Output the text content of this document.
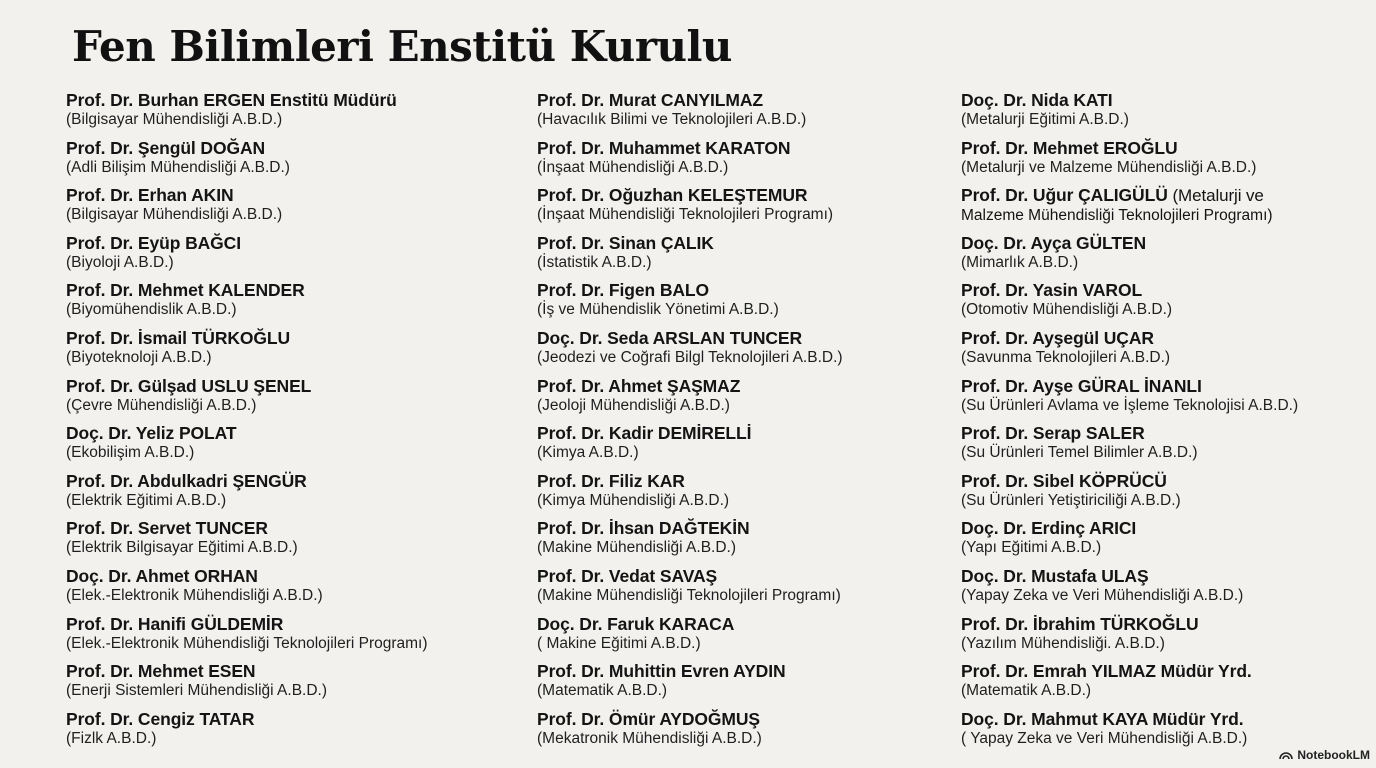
Fen Bilimleri Enstitü Kurulu
Prof. Dr. Burhan ERGEN Enstitü Müdürü
(Bilgisayar Mühendisliği A.B.D.)
Prof. Dr. Şengül DOĞAN
(Adli Bilişim Mühendisliği A.B.D.)
Prof. Dr. Erhan AKIN
(Bilgisayar Mühendisliği A.B.D.)
Prof. Dr. Eyüp BAĞCI
(Biyoloji A.B.D.)
Prof. Dr. Mehmet KALENDER
(Biyomühendislik A.B.D.)
Prof. Dr. İsmail TÜRKOĞLU
(Biyoteknoloji A.B.D.)
Prof. Dr. Gülşad USLU ŞENEL
(Çevre Mühendisliği A.B.D.)
Doç. Dr. Yeliz POLAT
(Ekobilişim A.B.D.)
Prof. Dr. Abdulkadri ŞENGÜR
(Elektrik Eğitimi A.B.D.)
Prof. Dr. Servet TUNCER
(Elektrik Bilgisayar Eğitimi A.B.D.)
Doç. Dr. Ahmet ORHAN
(Elek.-Elektronik Mühendisliği A.B.D.)
Prof. Dr. Hanifi GÜLDEMİR
(Elek.-Elektronik Mühendisliği Teknolojileri Programı)
Prof. Dr. Mehmet ESEN
(Enerji Sistemleri Mühendisliği A.B.D.)
Prof. Dr. Cengiz TATAR
(Fizlk A.B.D.)
Prof. Dr. Murat CANYILMAZ
(Havacılık Bilimi ve Teknolojileri A.B.D.)
Prof. Dr. Muhammet KARATON
(İnşaat Mühendisliği A.B.D.)
Prof. Dr. Oğuzhan KELEŞTEMUR
(İnşaat Mühendisliği Teknolojileri Programı)
Prof. Dr. Sinan ÇALIK
(İstatistik A.B.D.)
Prof. Dr. Figen BALO
(İş ve Mühendislik Yönetimi A.B.D.)
Doç. Dr. Seda ARSLAN TUNCER
(Jeodezi ve Coğrafi Bilgl Teknolojileri A.B.D.)
Prof. Dr. Ahmet ŞAŞMAZ
(Jeoloji Mühendisliği A.B.D.)
Prof. Dr. Kadir DEMİRELLİ
(Kimya A.B.D.)
Prof. Dr. Filiz KAR
(Kimya Mühendisliği A.B.D.)
Prof. Dr. İhsan DAĞTEKİN
(Makine Mühendisliği A.B.D.)
Prof. Dr. Vedat SAVAŞ
(Makine Mühendisliği Teknolojileri Programı)
Doç. Dr. Faruk KARACA
( Makine Eğitimi A.B.D.)
Prof. Dr. Muhittin Evren AYDIN
(Matematik A.B.D.)
Prof. Dr. Ömür AYDOĞMUŞ
(Mekatronik Mühendisliği A.B.D.)
Doç. Dr. Nida KATI
(Metalurji Eğitimi A.B.D.)
Prof. Dr. Mehmet EROĞLU
(Metalurji ve Malzeme Mühendisliği A.B.D.)
Prof. Dr. Uğur ÇALIGÜLÜ (Metalurji ve
Malzeme Mühendisliği Teknolojileri Programı)
Doç. Dr. Ayça GÜLTEN
(Mimarlık A.B.D.)
Prof. Dr. Yasin VAROL
(Otomotiv Mühendisliği A.B.D.)
Prof. Dr. Ayşegül UÇAR
(Savunma Teknolojileri A.B.D.)
Prof. Dr. Ayşe GÜRAL İNANLI
(Su Ürünleri Avlama ve İşleme Teknolojisi A.B.D.)
Prof. Dr. Serap SALER
(Su Ürünleri Temel Bilimler A.B.D.)
Prof. Dr. Sibel KÖPRÜCÜ
(Su Ürünleri Yetiştiriciliği A.B.D.)
Doç. Dr. Erdinç ARICI
(Yapı Eğitimi A.B.D.)
Doç. Dr. Mustafa ULAŞ
(Yapay Zeka ve Veri Mühendisliği A.B.D.)
Prof. Dr. İbrahim TÜRKOĞLU
(Yazılım Mühendisliği. A.B.D.)
Prof. Dr. Emrah YILMAZ Müdür Yrd.
(Matematik A.B.D.)
Doç. Dr. Mahmut KAYA Müdür Yrd.
( Yapay Zeka ve Veri Mühendisliği A.B.D.)
NotebookLM
